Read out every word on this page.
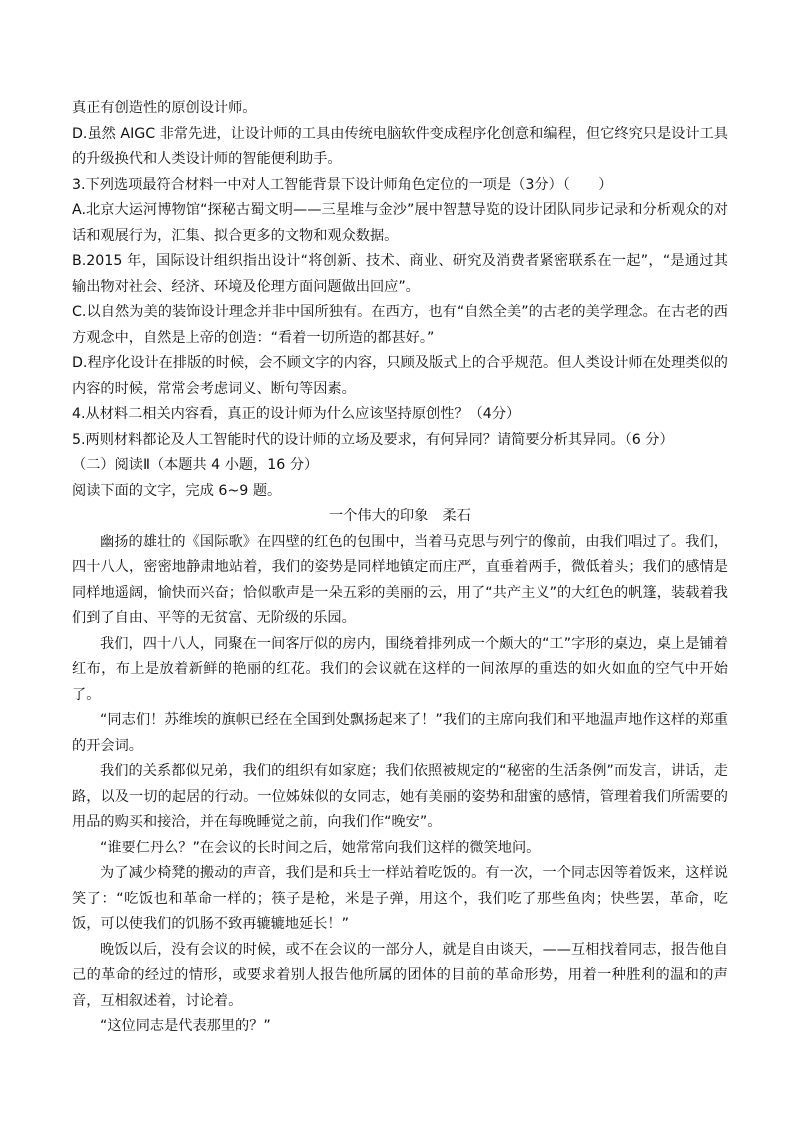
真正有创造性的原创设计师。

D.虽然 AIGC 非常先进，让设计师的工具由传统电脑软件变成程序化创意和编程，但它终究只是设计工具的升级换代和人类设计师的智能便利助手。

3.下列选项最符合材料一中对人工智能背景下设计师角色定位的一项是（3分）（　　）

A.北京大运河博物馆“探秘古蜀文明——三星堆与金沙”展中智慧导览的设计团队同步记录和分析观众的对话和观展行为，汇集、拟合更多的文物和观众数据。

B.2015 年，国际设计组织指出设计“将创新、技术、商业、研究及消费者紧密联系在一起”，“是通过其输出物对社会、经济、环境及伦理方面问题做出回应”。

C.以自然为美的装饰设计理念并非中国所独有。在西方，也有“自然全美”的古老的美学理念。在古老的西方观念中，自然是上帝的创造：“看着一切所造的都甚好。”

D.程序化设计在排版的时候，会不顾文字的内容，只顾及版式上的合乎规范。但人类设计师在处理类似的内容的时候，常常会考虑词义、断句等因素。

4.从材料二相关内容看，真正的设计师为什么应该坚持原创性？（4分）

5.两则材料都论及人工智能时代的设计师的立场及要求，有何异同？请简要分析其异同。（6 分）

（二）阅读Ⅱ（本题共 4 小题，16 分）

阅读下面的文字，完成 6~9 题。

一个伟大的印象　柔石

幽扬的雄壮的《国际歌》在四壁的红色的包围中，当着马克思与列宁的像前，由我们唱过了。我们，四十八人，密密地静肃地站着，我们的姿势是同样地镇定而庄严，直垂着两手，微低着头；我们的感情是同样地遥阔，愉快而兴奋；恰似歌声是一朵五彩的美丽的云，用了“共产主义”的大红色的帆篷，装载着我们到了自由、平等的无贫富、无阶级的乐园。

我们，四十八人，同聚在一间客厅似的房内，围绕着排列成一个颇大的“工”字形的桌边，桌上是铺着红布，布上是放着新鲜的艳丽的红花。我们的会议就在这样的一间浓厚的重迭的如火如血的空气中开始了。

“同志们！苏维埃的旗帜已经在全国到处飘扬起来了！”我们的主席向我们和平地温声地作这样的郑重的开会词。

我们的关系都似兄弟，我们的组织有如家庭；我们依照被规定的“秘密的生活条例”而发言，讲话，走路，以及一切的起居的行动。一位姊妹似的女同志，她有美丽的姿势和甜蜜的感情，管理着我们所需要的用品的购买和接洽，并在每晚睡觉之前，向我们作“晚安”。

“谁要仁丹么？”在会议的长时间之后，她常常向我们这样的微笑地问。

为了减少椅凳的搬动的声音，我们是和兵士一样站着吃饭的。有一次，一个同志因等着饭来，这样说笑了：“吃饭也和革命一样的；筷子是枪，米是子弹，用这个，我们吃了那些鱼肉；快些罢，革命，吃饭，可以使我们的饥肠不致再辘辘地延长！”

晚饭以后，没有会议的时候，或不在会议的一部分人，就是自由谈天，——互相找着同志，报告他自己的革命的经过的情形，或要求着别人报告他所属的团体的目前的革命形势，用着一种胜利的温和的声音，互相叙述着，讨论着。

“这位同志是代表那里的？”
